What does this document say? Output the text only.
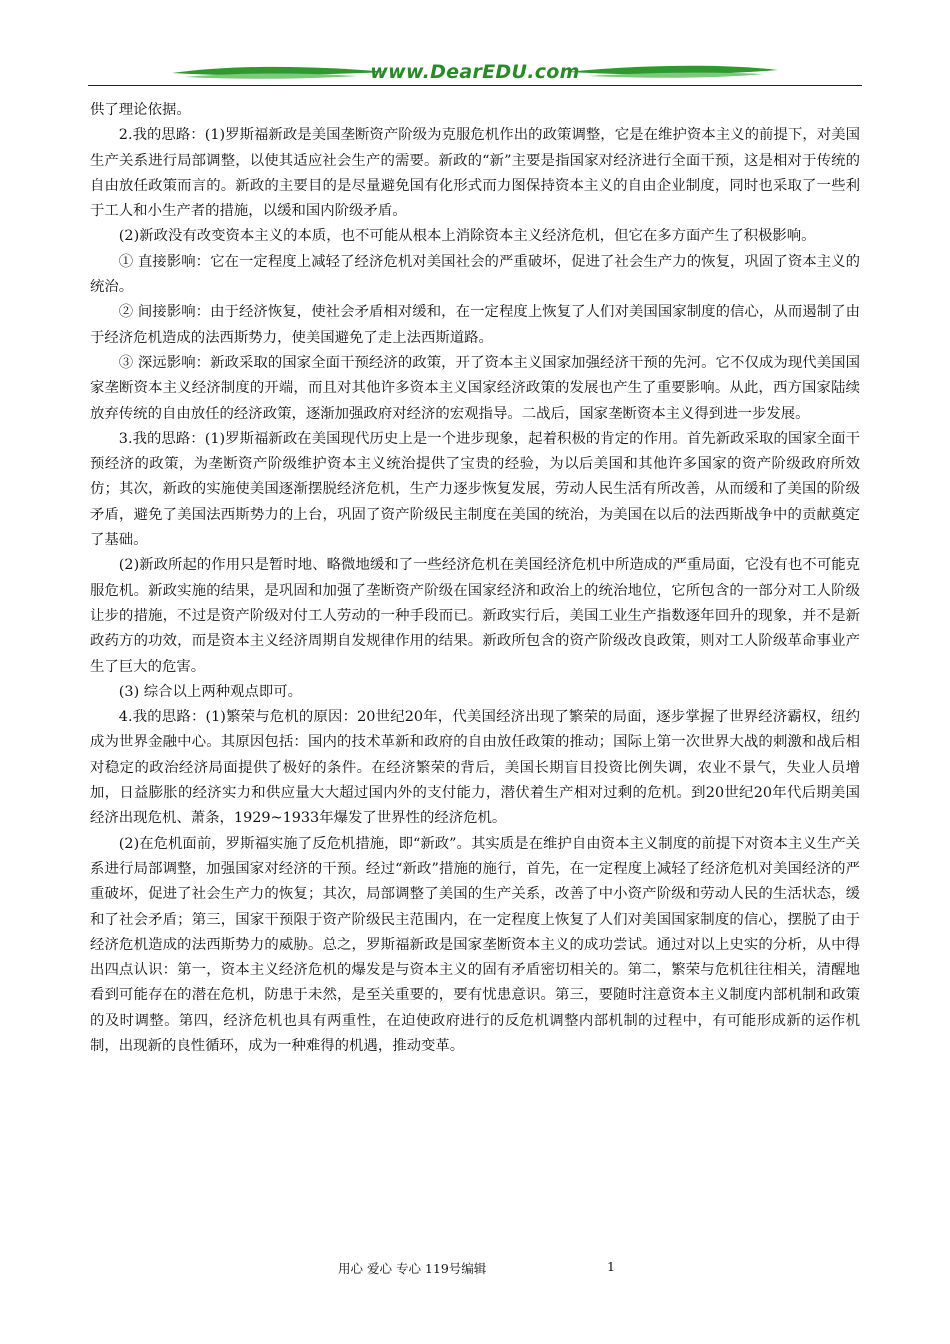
www.DearEDU.com

供了理论依据。

2.我的思路：(1)罗斯福新政是美国垄断资产阶级为克服危机作出的政策调整，它是在维护资本主义的前提下，对美国生产关系进行局部调整，以使其适应社会生产的需要。新政的“新”主要是指国家对经济进行全面干预，这是相对于传统的自由放任政策而言的。新政的主要目的是尽量避免国有化形式而力图保持资本主义的自由企业制度，同时也采取了一些利于工人和小生产者的措施，以缓和国内阶级矛盾。

(2)新政没有改变资本主义的本质，也不可能从根本上消除资本主义经济危机，但它在多方面产生了积极影响。

① 直接影响：它在一定程度上减轻了经济危机对美国社会的严重破坏，促进了社会生产力的恢复，巩固了资本主义的统治。

② 间接影响：由于经济恢复，使社会矛盾相对缓和，在一定程度上恢复了人们对美国国家制度的信心，从而遏制了由于经济危机造成的法西斯势力，使美国避免了走上法西斯道路。

③ 深远影响：新政采取的国家全面干预经济的政策，开了资本主义国家加强经济干预的先河。它不仅成为现代美国国家垄断资本主义经济制度的开端，而且对其他许多资本主义国家经济政策的发展也产生了重要影响。从此，西方国家陆续放弃传统的自由放任的经济政策，逐渐加强政府对经济的宏观指导。二战后，国家垄断资本主义得到进一步发展。

3.我的思路：(1)罗斯福新政在美国现代历史上是一个进步现象，起着积极的肯定的作用。首先新政采取的国家全面干预经济的政策，为垄断资产阶级维护资本主义统治提供了宝贵的经验，为以后美国和其他许多国家的资产阶级政府所效仿；其次，新政的实施使美国逐渐摆脱经济危机，生产力逐步恢复发展，劳动人民生活有所改善，从而缓和了美国的阶级矛盾，避免了美国法西斯势力的上台，巩固了资产阶级民主制度在美国的统治，为美国在以后的法西斯战争中的贡献奠定了基础。

(2)新政所起的作用只是暂时地、略微地缓和了一些经济危机在美国经济危机中所造成的严重局面，它没有也不可能克服危机。新政实施的结果，是巩固和加强了垄断资产阶级在国家经济和政治上的统治地位，它所包含的一部分对工人阶级让步的措施，不过是资产阶级对付工人劳动的一种手段而已。新政实行后，美国工业生产指数逐年回升的现象，并不是新政药方的功效，而是资本主义经济周期自发规律作用的结果。新政所包含的资产阶级改良政策，则对工人阶级革命事业产生了巨大的危害。

(3) 综合以上两种观点即可。

4.我的思路：(1)繁荣与危机的原因：20世纪20年，代美国经济出现了繁荣的局面，逐步掌握了世界经济霸权，纽约成为世界金融中心。其原因包括：国内的技术革新和政府的自由放任政策的推动；国际上第一次世界大战的刺激和战后相对稳定的政治经济局面提供了极好的条件。在经济繁荣的背后，美国长期盲目投资比例失调，农业不景气，失业人员增加，日益膨胀的经济实力和供应量大大超过国内外的支付能力，潜伏着生产相对过剩的危机。到20世纪20年代后期美国经济出现危机、萧条，1929~1933年爆发了世界性的经济危机。

(2)在危机面前，罗斯福实施了反危机措施，即“新政”。其实质是在维护自由资本主义制度的前提下对资本主义生产关系进行局部调整，加强国家对经济的干预。经过“新政”措施的施行，首先，在一定程度上减轻了经济危机对美国经济的严重破坏，促进了社会生产力的恢复；其次，局部调整了美国的生产关系，改善了中小资产阶级和劳动人民的生活状态，缓和了社会矛盾；第三，国家干预限于资产阶级民主范围内，在一定程度上恢复了人们对美国国家制度的信心，摆脱了由于经济危机造成的法西斯势力的威胁。总之，罗斯福新政是国家垄断资本主义的成功尝试。通过对以上史实的分析，从中得出四点认识：第一，资本主义经济危机的爆发是与资本主义的固有矛盾密切相关的。第二，繁荣与危机往往相关，清醒地看到可能存在的潜在危机，防患于未然，是至关重要的，要有忧患意识。第三，要随时注意资本主义制度内部机制和政策的及时调整。第四，经济危机也具有两重性，在迫使政府进行的反危机调整内部机制的过程中，有可能形成新的运作机制，出现新的良性循环，成为一种难得的机遇，推动变革。

用心 爱心 专心 119号编辑	1
